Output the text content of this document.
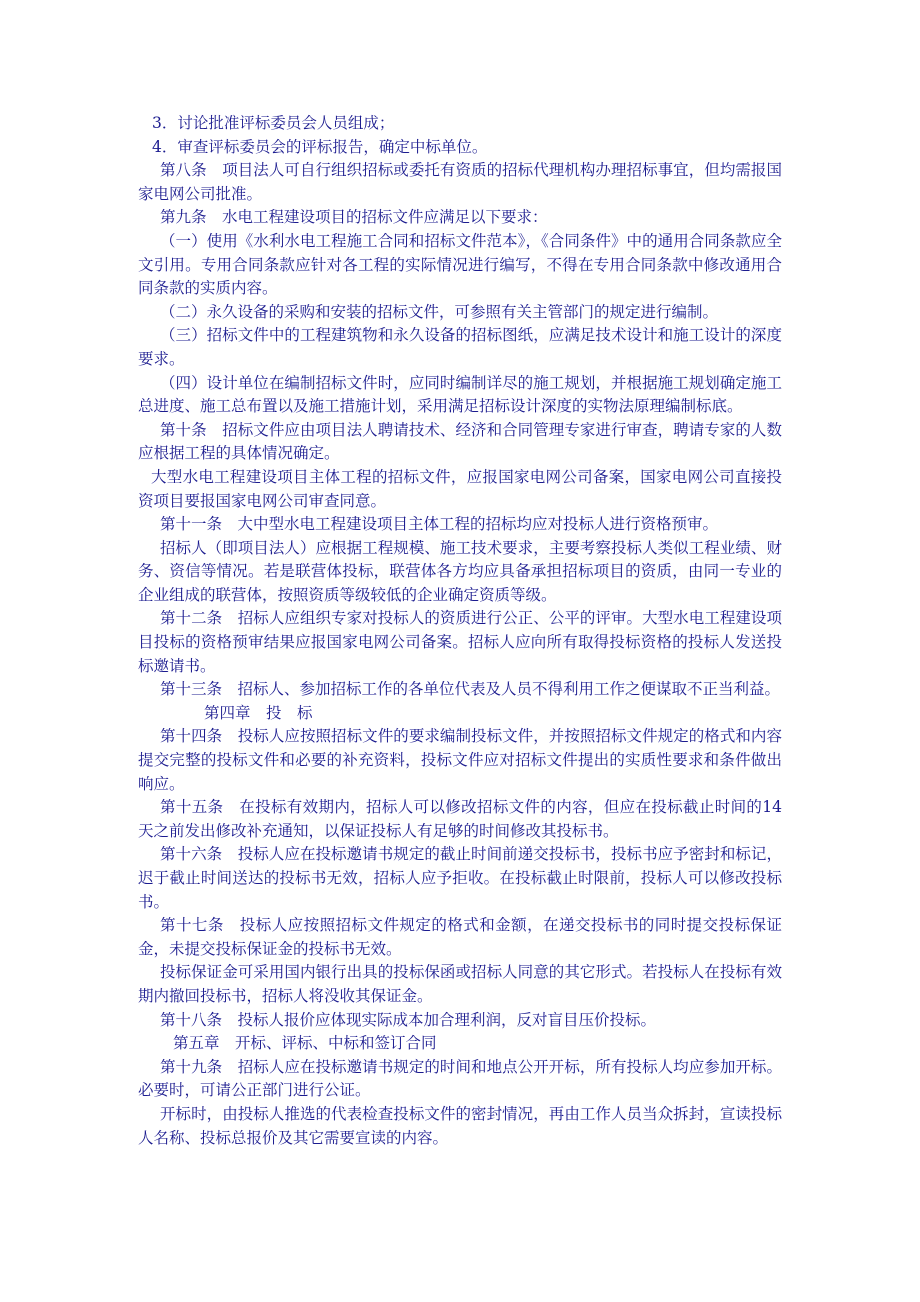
3．讨论批准评标委员会人员组成；

4．审查评标委员会的评标报告，确定中标单位。

第八条　项目法人可自行组织招标或委托有资质的招标代理机构办理招标事宜，但均需报国家电网公司批准。

第九条　水电工程建设项目的招标文件应满足以下要求：

（一）使用《水利水电工程施工合同和招标文件范本》，《合同条件》中的通用合同条款应全文引用。专用合同条款应针对各工程的实际情况进行编写，不得在专用合同条款中修改通用合同条款的实质内容。

（二）永久设备的采购和安装的招标文件，可参照有关主管部门的规定进行编制。

（三）招标文件中的工程建筑物和永久设备的招标图纸，应满足技术设计和施工设计的深度要求。

（四）设计单位在编制招标文件时，应同时编制详尽的施工规划，并根据施工规划确定施工总进度、施工总布置以及施工措施计划，采用满足招标设计深度的实物法原理编制标底。

第十条　招标文件应由项目法人聘请技术、经济和合同管理专家进行审查，聘请专家的人数应根据工程的具体情况确定。

大型水电工程建设项目主体工程的招标文件，应报国家电网公司备案，国家电网公司直接投资项目要报国家电网公司审查同意。

第十一条　大中型水电工程建设项目主体工程的招标均应对投标人进行资格预审。

招标人（即项目法人）应根据工程规模、施工技术要求，主要考察投标人类似工程业绩、财务、资信等情况。若是联营体投标，联营体各方均应具备承担招标项目的资质，由同一专业的企业组成的联营体，按照资质等级较低的企业确定资质等级。

第十二条　招标人应组织专家对投标人的资质进行公正、公平的评审。大型水电工程建设项目投标的资格预审结果应报国家电网公司备案。招标人应向所有取得投标资格的投标人发送投标邀请书。

第十三条　招标人、参加招标工作的各单位代表及人员不得利用工作之便谋取不正当利益。

第四章　投　标

第十四条　投标人应按照招标文件的要求编制投标文件，并按照招标文件规定的格式和内容提交完整的投标文件和必要的补充资料，投标文件应对招标文件提出的实质性要求和条件做出响应。

第十五条　在投标有效期内，招标人可以修改招标文件的内容，但应在投标截止时间的14天之前发出修改补充通知，以保证投标人有足够的时间修改其投标书。

第十六条　投标人应在投标邀请书规定的截止时间前递交投标书，投标书应予密封和标记，迟于截止时间送达的投标书无效，招标人应予拒收。在投标截止时限前，投标人可以修改投标书。

第十七条　投标人应按照招标文件规定的格式和金额，在递交投标书的同时提交投标保证金，未提交投标保证金的投标书无效。

投标保证金可采用国内银行出具的投标保函或招标人同意的其它形式。若投标人在投标有效期内撤回投标书，招标人将没收其保证金。

第十八条　投标人报价应体现实际成本加合理利润，反对盲目压价投标。

第五章　开标、评标、中标和签订合同

第十九条　招标人应在投标邀请书规定的时间和地点公开开标，所有投标人均应参加开标。必要时，可请公正部门进行公证。

开标时，由投标人推选的代表检查投标文件的密封情况，再由工作人员当众拆封，宣读投标人名称、投标总报价及其它需要宣读的内容。
